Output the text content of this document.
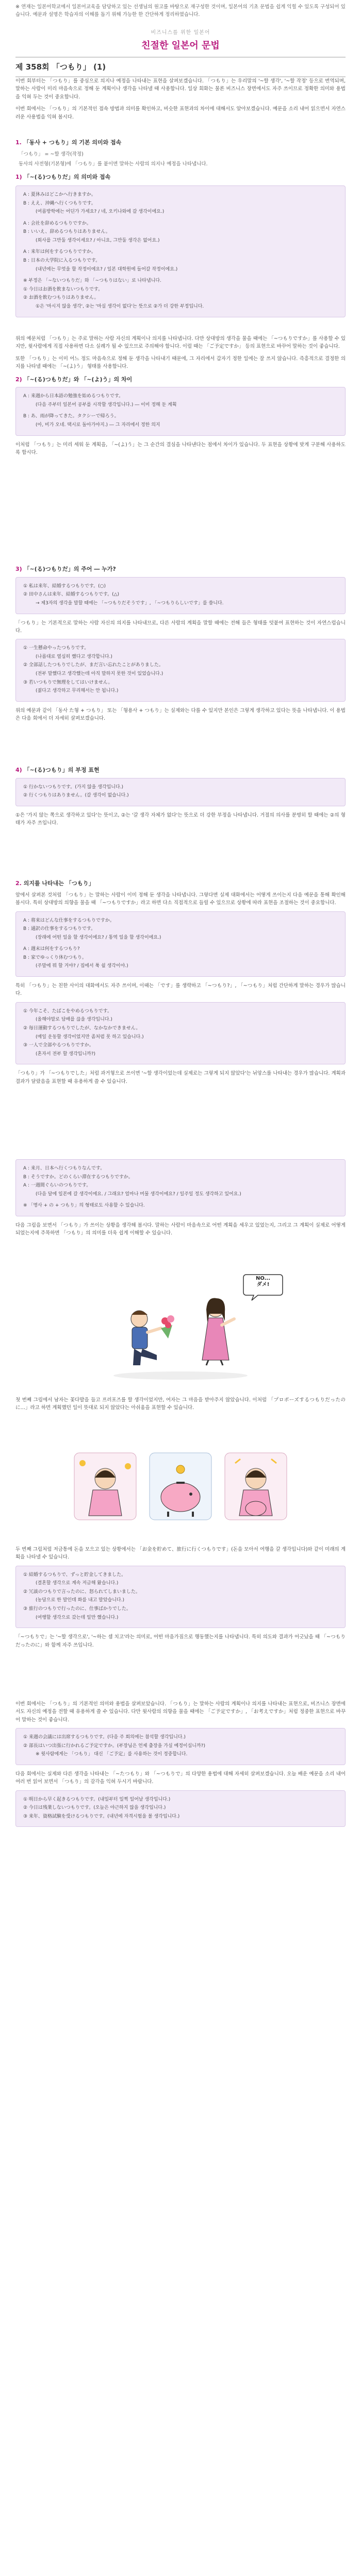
※ 연재는 일본어학교에서 일본어교육을 담당하고 있는 선생님의 원고를 바탕으로 재구성한 것이며, 일본어의 기초 문법을 쉽게 익힐 수 있도록 구성되어 있습니다. 예문과 설명은 학습자의 이해를 돕기 위해 가능한 한 간단하게 정리하였습니다.

비즈니스를 위한 일본어
친절한 일본어 문법
제 358회 「つもり」 (1)

이번 회부터는 「つもり」를 중심으로 의지나 예정을 나타내는 표현을 살펴보겠습니다. 「つもり」는 우리말의 '~할 생각', '~할 작정' 등으로 번역되며, 말하는 사람이 미리 마음속으로 정해 둔 계획이나 생각을 나타낼 때 사용합니다. 일상 회화는 물론 비즈니스 장면에서도 자주 쓰이므로 정확한 의미와 용법을 익혀 두는 것이 중요합니다.

이번 회에서는 「つもり」의 기본적인 접속 방법과 의미를 확인하고, 비슷한 표현과의 차이에 대해서도 알아보겠습니다. 예문을 소리 내어 읽으면서 자연스러운 사용법을 익혀 봅시다.

1. 「동사 + つもり」의 기본 의미와 접속
「つもり」 = ~할 생각(작정)
동사의 사전형(기본형)에 「つもり」를 붙이면 말하는 사람의 의지나 예정을 나타냅니다.
1) 「~(る)つもりだ」의 의미와 접속

A : 夏休みはどこかへ行きますか。

B : ええ、沖縄へ行くつもりです。

(여름방학에는 어딘가 가세요? / 네, 오키나와에 갈 생각이에요.)

A : 会社を辞めるつもりですか。

B : いいえ、辞めるつもりはありません。

(회사를 그만둘 생각이세요? / 아니요, 그만둘 생각은 없어요.)

A : 来年は何をするつもりですか。

B : 日本の大学院に入るつもりです。

(내년에는 무엇을 할 작정이에요? / 일본 대학원에 들어갈 작정이에요.)

※ 부정은 「~ないつもりだ」와 「~つもりはない」로 나타냅니다.

① 今日はお酒を飲まないつもりです。

② お酒を飲むつもりはありません。

①은 '마시지 않을 생각', ②는 '마실 생각이 없다'는 뜻으로 ②가 더 강한 부정입니다.

위의 예문처럼 「つもり」는 주로 말하는 사람 자신의 계획이나 의지를 나타냅니다. 다만 상대방의 생각을 물을 때에는 「~つもりですか」를 사용할 수 있지만, 윗사람에게 직접 사용하면 다소 실례가 될 수 있으므로 주의해야 합니다. 이럴 때는 「ご予定ですか」 등의 표현으로 바꾸어 말하는 것이 좋습니다.

또한 「つもり」는 이미 어느 정도 마음속으로 정해 둔 생각을 나타내기 때문에, 그 자리에서 갑자기 정한 일에는 잘 쓰지 않습니다. 즉흥적으로 결정한 의지를 나타낼 때에는 「~(よ)う」 형태를 사용합니다.

2) 「~(る)つもりだ」와 「~(よ)う」의 차이

A : 来週から日本語の勉強を始めるつもりです。

(다음 주부터 일본어 공부를 시작할 생각입니다.) ― 이미 정해 둔 계획

B : あ、雨が降ってきた。タクシーで帰ろう。

(아, 비가 오네. 택시로 돌아가야지.) ― 그 자리에서 정한 의지

이처럼 「つもり」는 미리 세워 둔 계획을, 「~(よ)う」는 그 순간의 결심을 나타낸다는 점에서 차이가 있습니다. 두 표현을 상황에 맞게 구분해 사용하도록 합시다.

3) 「~(る)つもりだ」의 주어 ― 누가?

① 私は来年、結婚するつもりです。(○)

② 田中さんは来年、結婚するつもりです。(△)

→ 제3자의 생각을 말할 때에는 「~つもりだそうです」, 「~つもりらしいです」를 씁니다.

「つもり」는 기본적으로 말하는 사람 자신의 의지를 나타내므로, 다른 사람의 계획을 말할 때에는 전해 들은 형태를 덧붙여 표현하는 것이 자연스럽습니다.

① 一生懸命やったつもりです。

(나름대로 열심히 했다고 생각합니다.)

② 全部話したつもりでしたが、まだ言い忘れたことがありました。

(전부 말했다고 생각했는데 아직 말하지 못한 것이 있었습니다.)

③ 若いつもりで無理をしてはいけません。

(젊다고 생각하고 무리해서는 안 됩니다.)

위의 예문과 같이 「동사 た형 + つもり」 또는 「형용사 + つもり」는 실제와는 다를 수 있지만 본인은 그렇게 생각하고 있다는 뜻을 나타냅니다. 이 용법은 다음 회에서 더 자세히 살펴보겠습니다.

4) 「~(る)つもり」의 부정 표현

① 行かないつもりです。(가지 않을 생각입니다.)

② 行くつもりはありません。(갈 생각이 없습니다.)

①은 '가지 않는 쪽으로 생각하고 있다'는 뜻이고, ②는 '갈 생각 자체가 없다'는 뜻으로 더 강한 부정을 나타냅니다. 거절의 의사를 분명히 할 때에는 ②의 형태가 자주 쓰입니다.

2. 의지를 나타내는 「つもり」

앞에서 살펴본 것처럼 「つもり」는 말하는 사람이 이미 정해 둔 생각을 나타냅니다. 그렇다면 실제 대화에서는 어떻게 쓰이는지 다음 예문을 통해 확인해 봅시다. 특히 상대방의 의향을 물을 때 「~つもりですか」라고 하면 다소 직접적으로 들릴 수 있으므로 상황에 따라 표현을 조절하는 것이 중요합니다.

A : 将来はどんな仕事をするつもりですか。

B : 通訳の仕事をするつもりです。

(장래에 어떤 일을 할 생각이에요? / 통역 일을 할 생각이에요.)

A : 週末は何をするつもり?

B : 家でゆっくり休むつもり。

(주말에 뭐 할 거야? / 집에서 푹 쉴 생각이야.)

특히 「つもり」는 친한 사이의 대화에서도 자주 쓰이며, 이때는 「です」를 생략하고 「~つもり?」, 「~つもり」처럼 간단하게 말하는 경우가 많습니다.

① 今年こそ、たばこをやめるつもりです。

(올해야말로 담배를 끊을 생각입니다.)

② 毎日運動するつもりでしたが、なかなかできません。

(매일 운동할 생각이었지만 좀처럼 못 하고 있습니다.)

③ 一人で全部やるつもりですか。

(혼자서 전부 할 생각입니까?)

「つもり」가 「~つもりでした」처럼 과거형으로 쓰이면 '~할 생각이었는데 실제로는 그렇게 되지 않았다'는 뉘앙스를 나타내는 경우가 많습니다. 계획과 결과가 달랐음을 표현할 때 유용하게 쓸 수 있습니다.

A : 来月、日本へ行くつもりなんです。

B : そうですか。どのくらい滞在するつもりですか。

A : 一週間ぐらいのつもりです。

(다음 달에 일본에 갈 생각이에요. / 그래요? 얼마나 머물 생각이에요? / 일주일 정도 생각하고 있어요.)

※ 「명사 + の + つもり」의 형태로도 사용할 수 있습니다.

다음 그림을 보면서 「つもり」가 쓰이는 상황을 생각해 봅시다. 말하는 사람이 마음속으로 어떤 계획을 세우고 있었는지, 그리고 그 계획이 실제로 어떻게 되었는지에 주목하면 「つもり」의 의미를 더욱 쉽게 이해할 수 있습니다.

NO...
ダメ!

첫 번째 그림에서 남자는 꽃다발을 들고 프러포즈를 할 생각이었지만, 여자는 그 마음을 받아주지 않았습니다. 이처럼 「プロポーズするつもりだったのに…」라고 하면 계획했던 일이 뜻대로 되지 않았다는 아쉬움을 표현할 수 있습니다.

두 번째 그림처럼 저금통에 돈을 모으고 있는 상황에서는 「お金を貯めて、旅行に行くつもりです」(돈을 모아서 여행을 갈 생각입니다)와 같이 미래의 계획을 나타낼 수 있습니다.

① 結婚するつもりで、ずっと貯金してきました。

(결혼할 생각으로 계속 저금해 왔습니다.)

② 冗談のつもりで言ったのに、怒られてしまいました。

(농담으로 한 말인데 화를 내고 말았습니다.)

③ 旅行のつもりで行ったのに、仕事ばかりでした。

(여행할 생각으로 갔는데 일만 했습니다.)

「~つもりで」는 '~할 생각으로', '~하는 셈 치고'라는 의미로, 어떤 마음가짐으로 행동했는지를 나타냅니다. 특히 의도와 결과가 어긋났을 때 「~つもりだったのに」와 함께 자주 쓰입니다.

이번 회에서는 「つもり」의 기본적인 의미와 용법을 살펴보았습니다. 「つもり」는 말하는 사람의 계획이나 의지를 나타내는 표현으로, 비즈니스 장면에서도 자신의 예정을 전할 때 유용하게 쓸 수 있습니다. 다만 윗사람의 의향을 물을 때에는 「ご予定ですか」, 「お考えですか」처럼 정중한 표현으로 바꾸어 말하는 것이 좋습니다.

① 来週の会議には出席するつもりです。(다음 주 회의에는 참석할 생각입니다.)

② 部長はいつ出張に行かれるご予定ですか。(부장님은 언제 출장을 가실 예정이십니까?)

※ 윗사람에게는 「つもり」 대신 「ご予定」를 사용하는 것이 정중합니다.

다음 회에서는 실제와 다른 생각을 나타내는 「~たつもり」와 「~つもりで」의 다양한 용법에 대해 자세히 살펴보겠습니다. 오늘 배운 예문을 소리 내어 여러 번 읽어 보면서 「つもり」의 감각을 익혀 두시기 바랍니다.

① 明日から早く起きるつもりです。(내일부터 일찍 일어날 생각입니다.)

② 今日は残業しないつもりです。(오늘은 야근하지 않을 생각입니다.)

③ 来年、資格試験を受けるつもりです。(내년에 자격시험을 볼 생각입니다.)
